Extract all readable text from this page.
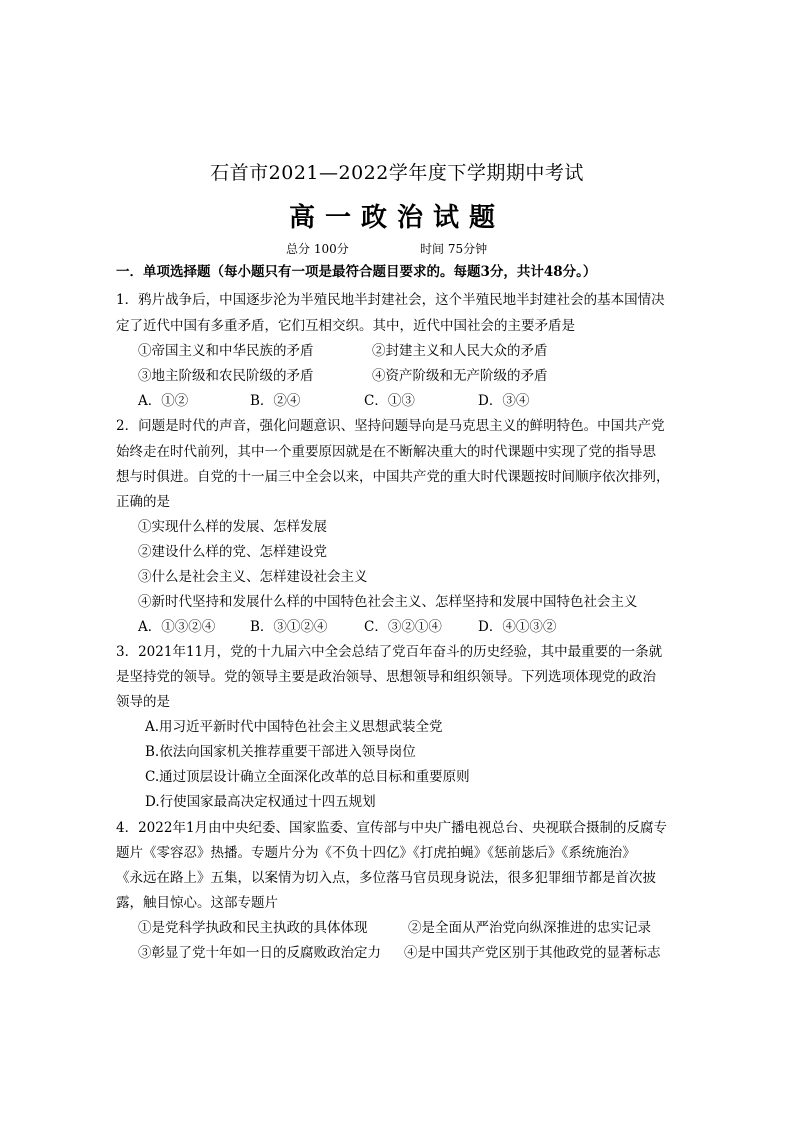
石首市2021—2022学年度下学期期中考试
高一政治试题
总分 100分	时间 75分钟
一．单项选择题（每小题只有一项是最符合题目要求的。每题3分，共计48分。）
1．鸦片战争后，中国逐步沦为半殖民地半封建社会，这个半殖民地半封建社会的基本国情决
定了近代中国有多重矛盾，它们互相交织。其中，近代中国社会的主要矛盾是
①帝国主义和中华民族的矛盾	②封建主义和人民大众的矛盾
③地主阶级和农民阶级的矛盾	④资产阶级和无产阶级的矛盾
A．①②	B．②④	C．①③	D．③④
2．问题是时代的声音，强化问题意识、坚持问题导向是马克思主义的鲜明特色。中国共产党
始终走在时代前列，其中一个重要原因就是在不断解决重大的时代课题中实现了党的指导思
想与时俱进。自党的十一届三中全会以来，中国共产党的重大时代课题按时间顺序依次排列，
正确的是
①实现什么样的发展、怎样发展
②建设什么样的党、怎样建设党
③什么是社会主义、怎样建设社会主义
④新时代坚持和发展什么样的中国特色社会主义、怎样坚持和发展中国特色社会主义
A．①③②④	B．③①②④	C．③②①④	D．④①③②
3．2021年11月，党的十九届六中全会总结了党百年奋斗的历史经验，其中最重要的一条就
是坚持党的领导。党的领导主要是政治领导、思想领导和组织领导。下列选项体现党的政治
领导的是
A.用习近平新时代中国特色社会主义思想武装全党
B.依法向国家机关推荐重要干部进入领导岗位
C.通过顶层设计确立全面深化改革的总目标和重要原则
D.行使国家最高决定权通过十四五规划
4．2022年1月由中央纪委、国家监委、宣传部与中央广播电视总台、央视联合摄制的反腐专
题片《零容忍》热播。专题片分为《不负十四亿》《打虎拍蝇》《惩前毖后》《系统施治》
《永远在路上》五集，以案情为切入点，多位落马官员现身说法，很多犯罪细节都是首次披
露，触目惊心。这部专题片
①是党科学执政和民主执政的具体体现	②是全面从严治党向纵深推进的忠实记录
③彰显了党十年如一日的反腐败政治定力 ④是中国共产党区别于其他政党的显著标志
